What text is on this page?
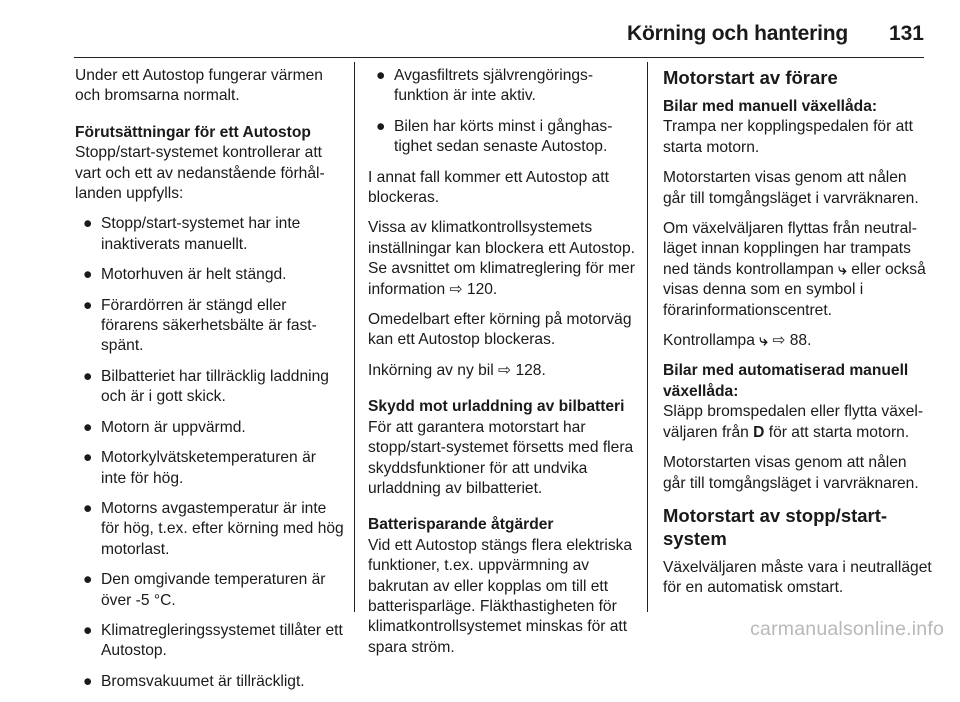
Körning och hantering 131

Under ett Autostop fungerar värmen och bromsarna normalt.

Förutsättningar för ett Autostop

Stopp/start-systemet kontrollerar att vart och ett av nedanstående förhållanden uppfylls:

● Stopp/start-systemet har inte inaktiverats manuellt.
● Motorhuven är helt stängd.
● Förardörren är stängd eller förarens säkerhetsbälte är fastspänt.
● Bilbatteriet har tillräcklig laddning och är i gott skick.
● Motorn är uppvärmd.
● Motorkylvätsketemperaturen är inte för hög.
● Motorns avgastemperatur är inte för hög, t.ex. efter körning med hög motorlast.
● Den omgivande temperaturen är över -5 °C.
● Klimatregleringssystemet tillåter ett Autostop.
● Bromsvakuumet är tillräckligt.
● Avgasfiltrets självrengöringsfunktion är inte aktiv.
● Bilen har körts minst i gånghastighet sedan senaste Autostop.

I annat fall kommer ett Autostop att blockeras.

Vissa av klimatkontrollsystemets inställningar kan blockera ett Autostop. Se avsnittet om klimatreglering för mer information ⇨ 120.

Omedelbart efter körning på motorväg kan ett Autostop blockeras.

Inkörning av ny bil ⇨ 128.

Skydd mot urladdning av bilbatteri

För att garantera motorstart har stopp/start-systemet försetts med flera skyddsfunktioner för att undvika urladdning av bilbatteriet.

Batterisparande åtgärder

Vid ett Autostop stängs flera elektriska funktioner, t.ex. uppvärmning av bakrutan av eller kopplas om till ett batterisparläge. Fläkthastigheten för klimatkontrollsystemet minskas för att spara ström.

Motorstart av förare

Bilar med manuell växellåda:

Trampa ner kopplingspedalen för att starta motorn.

Motorstarten visas genom att nålen går till tomgångsläget i varvräknaren.

Om växelväljaren flyttas från neutralläget innan kopplingen har trampats ned tänds kontrollampan ⤷ eller också visas denna som en symbol i förarinformationscentret.

Kontrollampa ⤷ ⇨ 88.

Bilar med automatiserad manuell växellåda:

Släpp bromspedalen eller flytta växelväljaren från D för att starta motorn.

Motorstarten visas genom att nålen går till tomgångsläget i varvräknaren.

Motorstart av stopp/start-system

Växelväljaren måste vara i neutralläget för en automatisk omstart.

carmanualsonline.info
